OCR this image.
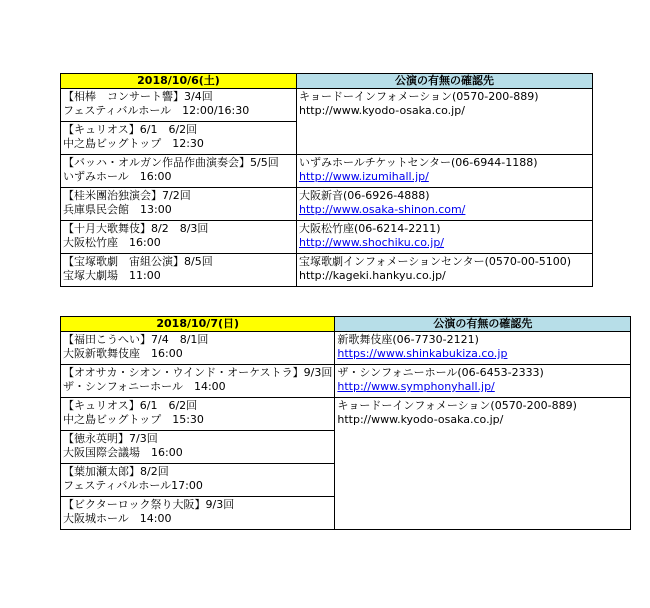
2018/10/6(土)	公演の有無の確認先

【相棒　コンサート響】3/4回
フェスティバルホール　12:00/16:30	キョードーインフォメーション(0570-200-889)
http://www.kyodo-osaka.co.jp/

【キュリオス】6/1　6/2回
中之島ビッグトップ　12:30	

【バッハ・オルガン作品作曲演奏会】5/5回
いずみホール　16:00	いずみホールチケットセンター(06-6944-1188)
http://www.izumihall.jp/

【桂米團治独演会】7/2回
兵庫県民会館　13:00	大阪新音(06-6926-4888)
http://www.osaka-shinon.com/

【十月大歌舞伎】8/2　8/3回
大阪松竹座　16:00	大阪松竹座(06-6214-2211)
http://www.shochiku.co.jp/

【宝塚歌劇　宙組公演】8/5回
宝塚大劇場　11:00	宝塚歌劇インフォメーションセンター(0570-00-5100)
http://kageki.hankyu.co.jp/
2018/10/7(日)	公演の有無の確認先

【福田こうへい】7/4　8/1回
大阪新歌舞伎座　16:00	新歌舞伎座(06-7730-2121)
https://www.shinkabukiza.co.jp

【オオサカ・シオン・ウインド・オーケストラ】9/3回
ザ・シンフォニーホール　14:00	ザ・シンフォニーホール(06-6453-2333)
http://www.symphonyhall.jp/

【キュリオス】6/1　6/2回
中之島ビッグトップ　15:30	キョードーインフォメーション(0570-200-889)
http://www.kyodo-osaka.co.jp/

【徳永英明】7/3回
大阪国際会議場　16:00	

【葉加瀬太郎】8/2回
フェスティバルホール17:00	

【ビクターロック祭り大阪】9/3回
大阪城ホール　14:00	
